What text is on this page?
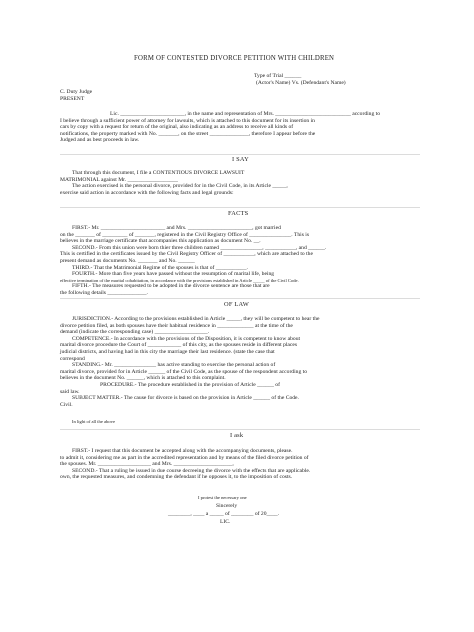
FORM OF CONTESTED DIVORCE PETITION WITH CHILDREN
Type of Trial ______
(Actor's Name) Vs. (Defendant's Name)
C. Duty Judge
PRESENT
Lic. _______________________, in the name and representation of Mrs. ___________________________ according to
I believe through a sufficient power of attorney for lawsuits, which is attached to this document for its insertion in
cars by copy with a request for return of the original, also indicating as an address to receive all kinds of
notifications, the property marked with No. _______, on the street ______________, therefore I appear before the
Judged and as best proceeds in law.
I SAY
That through this document, I file a CONTENTIOUS DIVORCE LAWSUIT
MATRIMONIAL against Mr. __________________
The action exercised is the personal divorce, provided for in the Civil Code, in its Article _____,
exercise said action in accordance with the following facts and legal grounds:
FACTS
FIRST.- Mr. _______________________ and Mrs. _______________________, got married
on the _______ of _________ of _______, registered in the Civil Registry Office of _______________. This is
believes in the marriage certificate that accompanies this application as document No. __.
SECOND.- From this union were born thier three children named _______________, ___________, and ______.
This is certified in the certificates issued by the Civil Registry Officer of ___________, which are attached to the
present demand as documents No. _______ and No. ______
THIRD.- That the Matrimonial Regime of the spouses is that of ___________.
FOURTH.- More than five years have passed without the resumption of marital life, being
effective termination of the marital cohabitation, in accordance with the provisions established in Article _____ of the Civil Code.
FIFTH.- The measures requested to be adopted in the divorce sentence are those that are
the following details ______________.
OF LAW
JURISDICTION.- According to the provisions established in Article _____, they will be competent to hear the
divorce petition filed, as both spouses have their habitual residence in _____________ at the time of the
demand (indicate the corresponding case) ___________________.
COMPETENCE.- In accordance with the provisions of the Disposition, it is competent to know about
marital divorce procedure the Court of ____________ of this city, as the spouses reside in different places
judicial districts, and having had in this city the marriage their last residence. (state the case that
correspond
STANDING.- Mr. _______________ has active standing to exercise the personal action of
marital divorce, provided for in Article ______ of the Civil Code, as the spouse of the respondent according to
believes in the document No. ______, which is attached to this complaint.
PROCEDURE.- The procedure established in the provision of Article ______ of
said law.
SUBJECT MATTER.- The cause for divorce is based on the provision in Article ______ of the Code.
Civil.
In light of all the above
I ask
FIRST.- I request that this document be accepted along with the accompanying documents, please.
to admit it, considering me as part in the accredited representation and by means of the filed divorce petition of
the spouses. Mr. ___________________ and Mrs. _____________________,
SECOND.- That a ruling be issued in due course decreeing the divorce with the effects that are applicable.
own, the requested measures, and condemning the defendant if he opposes it, to the imposition of costs.
I protest the necessary one
Sincerely
________, ____ a _____ of ________ of 20____.
LIC.
